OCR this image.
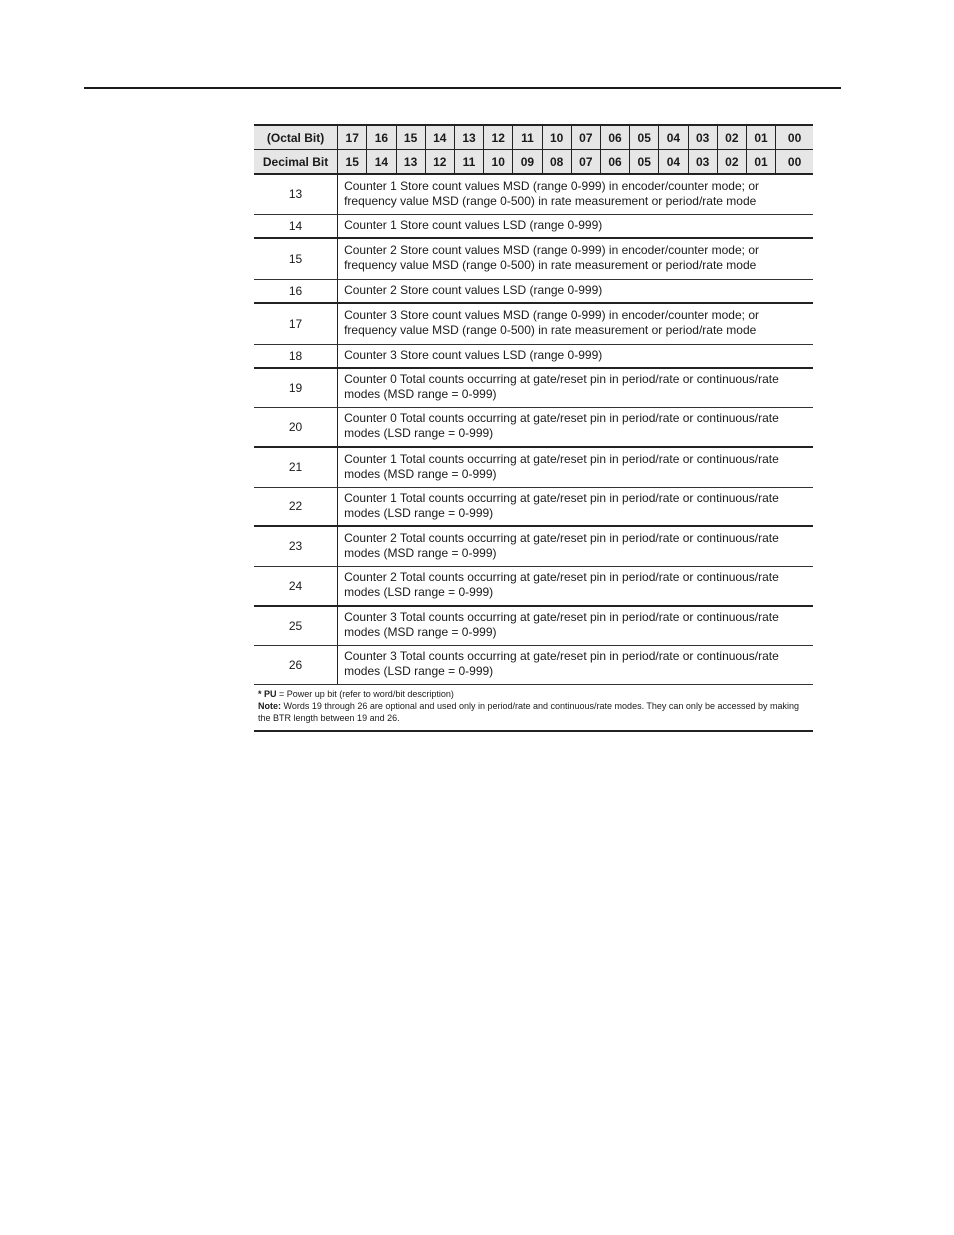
(Octal Bit)	17	16	15	14	13	12	11	10	07	06	05	04	03	02	01	00
Decimal Bit	15	14	13	12	11	10	09	08	07	06	05	04	03	02	01	00
13	Counter 1 Store count values MSD (range 0-999) in encoder/counter mode; or frequency value MSD (range 0-500) in rate measurement or period/rate mode															
14	Counter 1 Store count values LSD (range 0-999)															
15	Counter 2 Store count values MSD (range 0-999) in encoder/counter mode; or frequency value MSD (range 0-500) in rate measurement or period/rate mode															
16	Counter 2 Store count values LSD (range 0-999)															
17	Counter 3 Store count values MSD (range 0-999) in encoder/counter mode; or frequency value MSD (range 0-500) in rate measurement or period/rate mode															
18	Counter 3 Store count values LSD (range 0-999)															
19	Counter 0 Total counts occurring at gate/reset pin in period/rate or continuous/rate modes (MSD range = 0-999)															
20	Counter 0 Total counts occurring at gate/reset pin in period/rate or continuous/rate modes (LSD range = 0-999)															
21	Counter 1 Total counts occurring at gate/reset pin in period/rate or continuous/rate modes (MSD range = 0-999)															
22	Counter 1 Total counts occurring at gate/reset pin in period/rate or continuous/rate modes (LSD range = 0-999)															
23	Counter 2 Total counts occurring at gate/reset pin in period/rate or continuous/rate modes (MSD range = 0-999)															
24	Counter 2 Total counts occurring at gate/reset pin in period/rate or continuous/rate modes (LSD range = 0-999)															
25	Counter 3 Total counts occurring at gate/reset pin in period/rate or continuous/rate modes (MSD range = 0-999)															
26	Counter 3 Total counts occurring at gate/reset pin in period/rate or continuous/rate modes (LSD range = 0-999)															

* PU = Power up bit (refer to word/bit description)
Note: Words 19 through 26 are optional and used only in period/rate and continuous/rate modes. They can only be accessed by making the BTR length between 19 and 26.																
